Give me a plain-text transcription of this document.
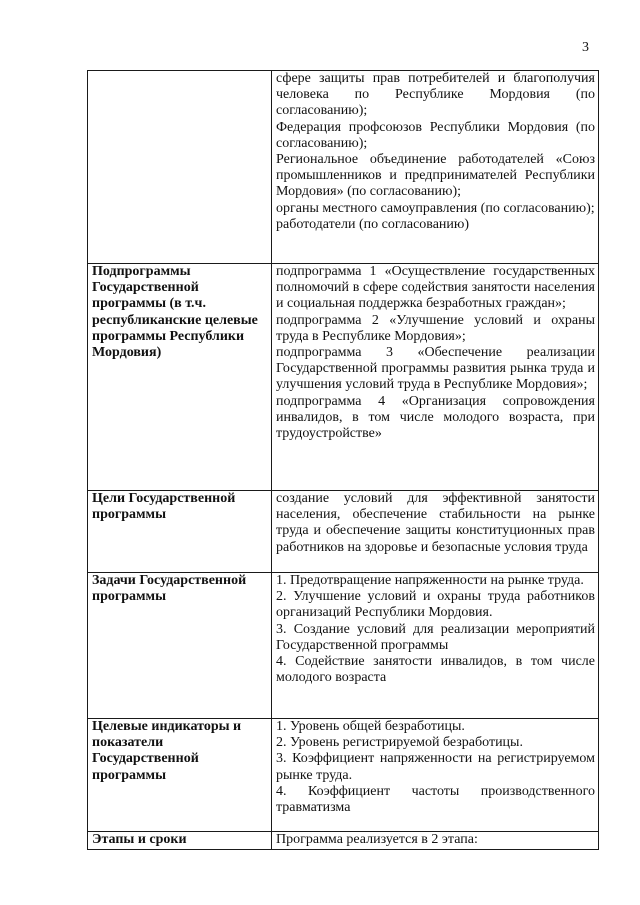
3

	сфере защиты прав потребителей и благополучия человека по Республике Мордовия (по согласованию);
Федерация профсоюзов Республики Мордовия (по согласованию);
Региональное объединение работодателей «Союз промышленников и предпринимателей Республики Мордовия» (по согласованию);
органы местного самоуправления (по согласованию);
работодатели (по согласованию)

Подпрограммы Государственной программы (в т.ч. республиканские целевые программы Республики Мордовия)	подпрограмма 1 «Осуществление государственных полномочий в сфере содействия занятости населения и социальная поддержка безработных граждан»;
подпрограмма 2 «Улучшение условий и охраны труда в Республике Мордовия»;
подпрограмма 3 «Обеспечение реализации Государственной программы развития рынка труда и улучшения условий труда в Республике Мордовия»;
подпрограмма 4 «Организация сопровождения инвалидов, в том числе молодого возраста, при трудоустройстве»

Цели Государственной программы	создание условий для эффективной занятости населения, обеспечение стабильности на рынке труда и обеспечение защиты конституционных прав работников на здоровье и безопасные условия труда

Задачи Государственной программы	1. Предотвращение напряженности на рынке труда.
2. Улучшение условий и охраны труда работников организаций Республики Мордовия.
3. Создание условий для реализации мероприятий Государственной программы
4. Содействие занятости инвалидов, в том числе молодого возраста

Целевые индикаторы и показатели Государственной программы	1. Уровень общей безработицы.
2. Уровень регистрируемой безработицы.
3. Коэффициент напряженности на регистрируемом рынке труда.
4. Коэффициент частоты производственного травматизма

Этапы и сроки	Программа реализуется в 2 этапа:
